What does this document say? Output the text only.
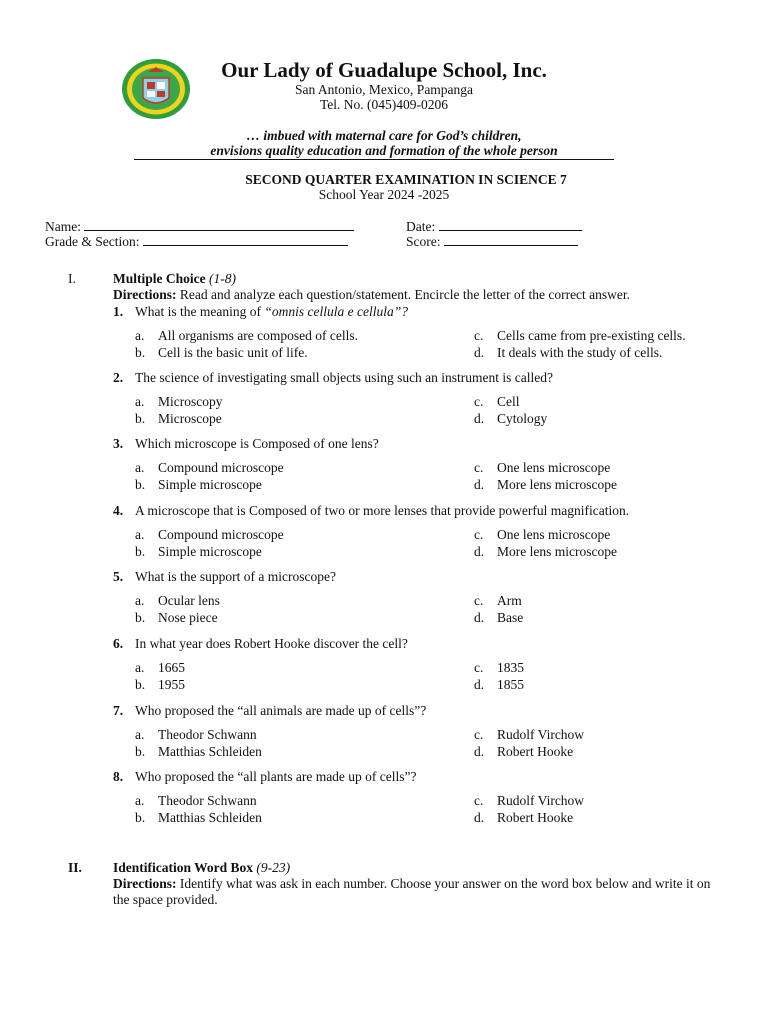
Our Lady of Guadalupe School, Inc.
San Antonio, Mexico, Pampanga
Tel. No. (045)409-0206
… imbued with maternal care for God’s children,
envisions quality education and formation of the whole person
SECOND QUARTER EXAMINATION IN SCIENCE 7
School Year 2024 -2025
Name:	Date:
Grade & Section:	Score:
I.	Multiple Choice (1-8)
Directions: Read and analyze each question/statement. Encircle the letter of the correct answer.
1. What is the meaning of “omnis cellula e cellula”?
a. All organisms are composed of cells.
b. Cell is the basic unit of life.
c. Cells came from pre-existing cells.
d. It deals with the study of cells.
2. The science of investigating small objects using such an instrument is called?
a. Microscopy
b. Microscope
c. Cell
d. Cytology
3. Which microscope is Composed of one lens?
a. Compound microscope
b. Simple microscope
c. One lens microscope
d. More lens microscope
4. A microscope that is Composed of two or more lenses that provide powerful magnification.
a. Compound microscope
b. Simple microscope
c. One lens microscope
d. More lens microscope
5. What is the support of a microscope?
a. Ocular lens
b. Nose piece
c. Arm
d. Base
6. In what year does Robert Hooke discover the cell?
a. 1665
b. 1955
c. 1835
d. 1855
7. Who proposed the “all animals are made up of cells”?
a. Theodor Schwann
b. Matthias Schleiden
c. Rudolf Virchow
d. Robert Hooke
8. Who proposed the “all plants are made up of cells”?
a. Theodor Schwann
b. Matthias Schleiden
c. Rudolf Virchow
d. Robert Hooke
II. Identification Word Box (9-23)
Directions: Identify what was ask in each number. Choose your answer on the word box below and write it on the space provided.
